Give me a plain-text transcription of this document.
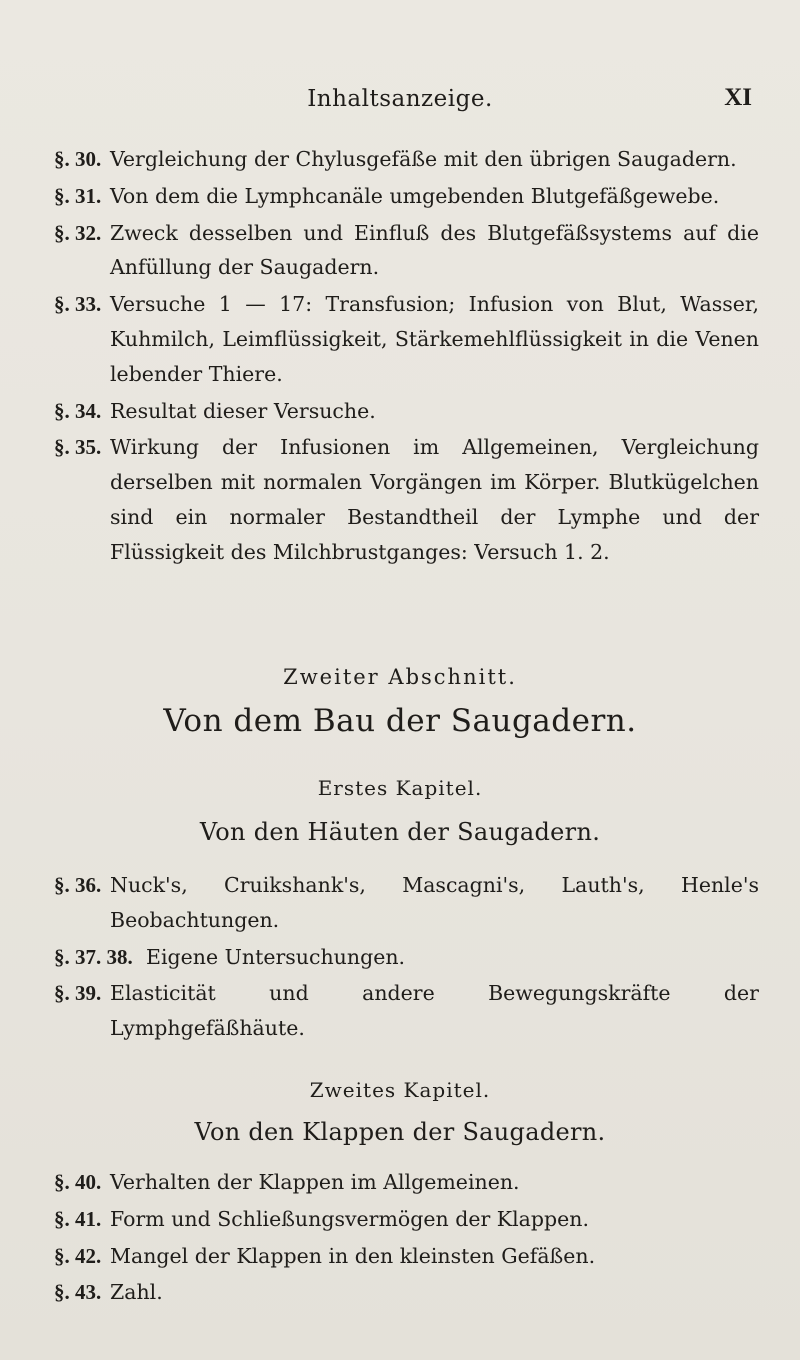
Inhaltsanzeige.	XI
§. 30. Vergleichung der Chylusgefäße mit den übrigen Saugadern.
§. 31. Von dem die Lymphcanäle umgebenden Blutgefäßgewebe.
§. 32. Zweck desselben und Einfluß des Blutgefäßsystems auf die Anfüllung der Saugadern.
§. 33. Versuche 1 — 17: Transfusion; Infusion von Blut, Wasser, Kuhmilch, Leimflüssigkeit, Stärkemehlflüssigkeit in die Venen lebender Thiere.
§. 34. Resultat dieser Versuche.
§. 35. Wirkung der Infusionen im Allgemeinen, Vergleichung derselben mit normalen Vorgängen im Körper. Blutkügelchen sind ein normaler Bestandtheil der Lymphe und der Flüssigkeit des Milchbrustganges: Versuch 1. 2.
Zweiter Abschnitt.
Von dem Bau der Saugadern.
Erstes Kapitel.
Von den Häuten der Saugadern.
§. 36. Nuck's, Cruikshank's, Mascagni's, Lauth's, Henle's Beobachtungen.
§. 37. 38. Eigene Untersuchungen.
§. 39. Elasticität und andere Bewegungskräfte der Lymphgefäßhäute.
Zweites Kapitel.
Von den Klappen der Saugadern.
§. 40. Verhalten der Klappen im Allgemeinen.
§. 41. Form und Schließungsvermögen der Klappen.
§. 42. Mangel der Klappen in den kleinsten Gefäßen.
§. 43. Zahl.
